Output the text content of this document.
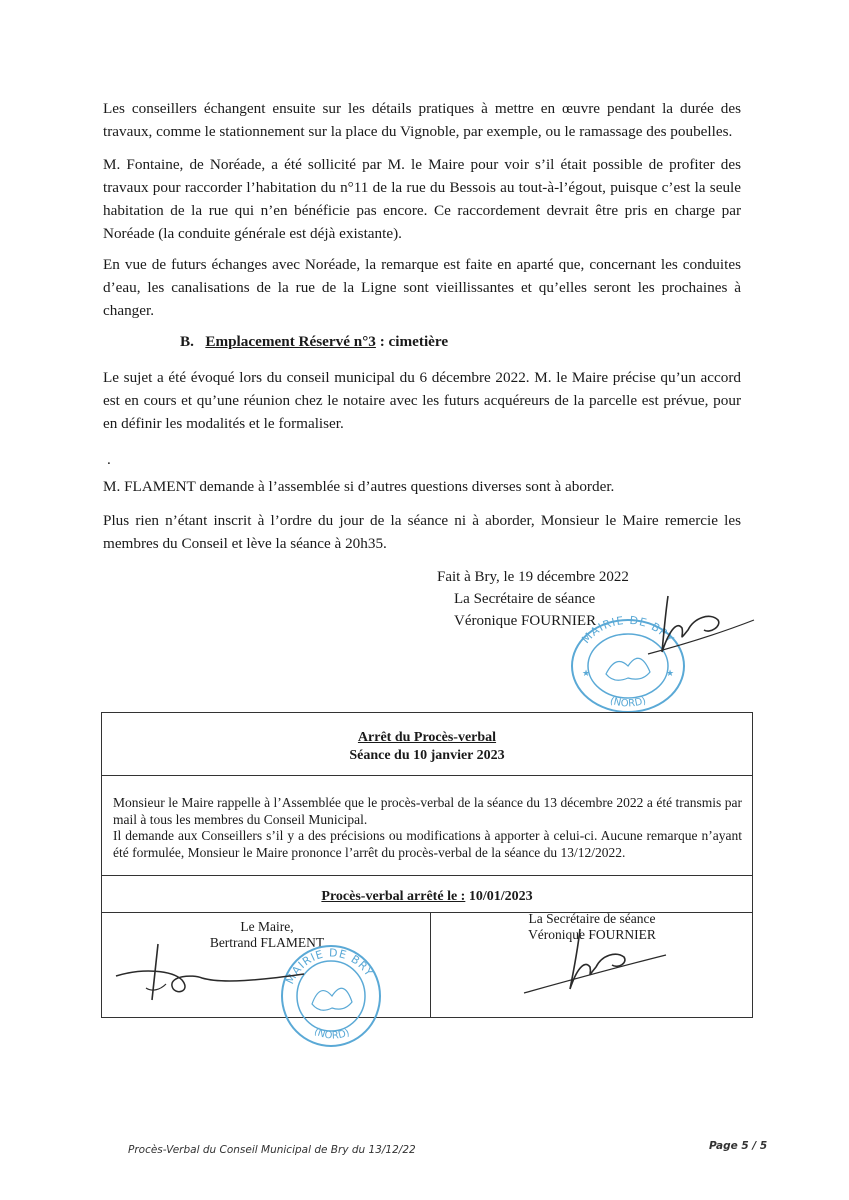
Les conseillers échangent ensuite sur les détails pratiques à mettre en œuvre pendant la durée des travaux, comme le stationnement sur la place du Vignoble, par exemple, ou le ramassage des poubelles.

M. Fontaine, de Noréade, a été sollicité par M. le Maire pour voir s’il était possible de profiter des travaux pour raccorder l’habitation du n°11 de la rue du Bessois au tout-à-l’égout, puisque c’est la seule habitation de la rue qui n’en bénéficie pas encore. Ce raccordement devrait être pris en charge par Noréade (la conduite générale est déjà existante).

En vue de futurs échanges avec Noréade, la remarque est faite en aparté que, concernant les conduites d’eau, les canalisations de la rue de la Ligne sont vieillissantes et qu’elles seront les prochaines à changer.

B. Emplacement Réservé n°3 : cimetière

Le sujet a été évoqué lors du conseil municipal du 6 décembre 2022. M. le Maire précise qu’un accord est en cours et qu’une réunion chez le notaire avec les futurs acquéreurs de la parcelle est prévue, pour en définir les modalités et le formaliser.

.

M. FLAMENT demande à l’assemblée si d’autres questions diverses sont à aborder.

Plus rien n’étant inscrit à l’ordre du jour de la séance ni à aborder, Monsieur le Maire remercie les membres du Conseil et lève la séance à 20h35.

Fait à Bry, le 19 décembre 2022
La Secrétaire de séance
Véronique FOURNIER
MAIRIE DE BRY
(NORD)
★	★
Arrêt du Procès-verbal
Séance du 10 janvier 2023

Monsieur le Maire rappelle à l’Assemblée que le procès-verbal de la séance du 13 décembre 2022 a été transmis par mail à tous les membres du Conseil Municipal.

Il demande aux Conseillers s’il y a des précisions ou modifications à apporter à celui-ci. Aucune remarque n’ayant été formulée, Monsieur le Maire prononce l’arrêt du procès-verbal de la séance du 13/12/2022.

Procès-verbal arrêté le : 10/01/2023
Le Maire,
Bertrand FLAMENT
La Secrétaire de séance
Véronique FOURNIER
MAIRIE DE BRY
(NORD)
Procès-Verbal du Conseil Municipal de Bry du 13/12/22	Page 5 / 5
